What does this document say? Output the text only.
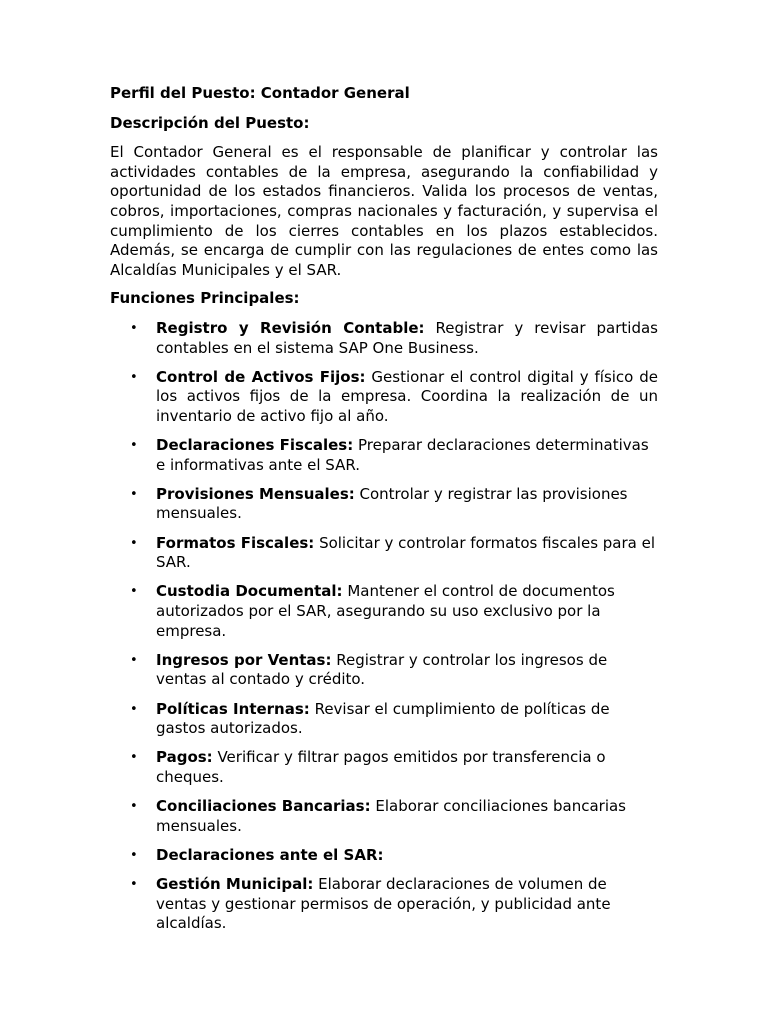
Perfil del Puesto: Contador General
Descripción del Puesto:
El Contador General es el responsable de planificar y controlar las actividades contables de la empresa, asegurando la confiabilidad y oportunidad de los estados financieros. Valida los procesos de ventas, cobros, importaciones, compras nacionales y facturación, y supervisa el cumplimiento de los cierres contables en los plazos establecidos. Además, se encarga de cumplir con las regulaciones de entes como las Alcaldías Municipales y el SAR.
Funciones Principales:
• Registro y Revisión Contable: Registrar y revisar partidas contables en el sistema SAP One Business.
• Control de Activos Fijos: Gestionar el control digital y físico de los activos fijos de la empresa. Coordina la realización de un inventario de activo fijo al año.
• Declaraciones Fiscales: Preparar declaraciones determinativas e informativas ante el SAR.
• Provisiones Mensuales: Controlar y registrar las provisiones mensuales.
• Formatos Fiscales: Solicitar y controlar formatos fiscales para el SAR.
• Custodia Documental: Mantener el control de documentos autorizados por el SAR, asegurando su uso exclusivo por la empresa.
• Ingresos por Ventas: Registrar y controlar los ingresos de ventas al contado y crédito.
• Políticas Internas: Revisar el cumplimiento de políticas de gastos autorizados.
• Pagos: Verificar y filtrar pagos emitidos por transferencia o cheques.
• Conciliaciones Bancarias: Elaborar conciliaciones bancarias mensuales.
• Declaraciones ante el SAR:
• Gestión Municipal: Elaborar declaraciones de volumen de ventas y gestionar permisos de operación, y publicidad ante alcaldías.
